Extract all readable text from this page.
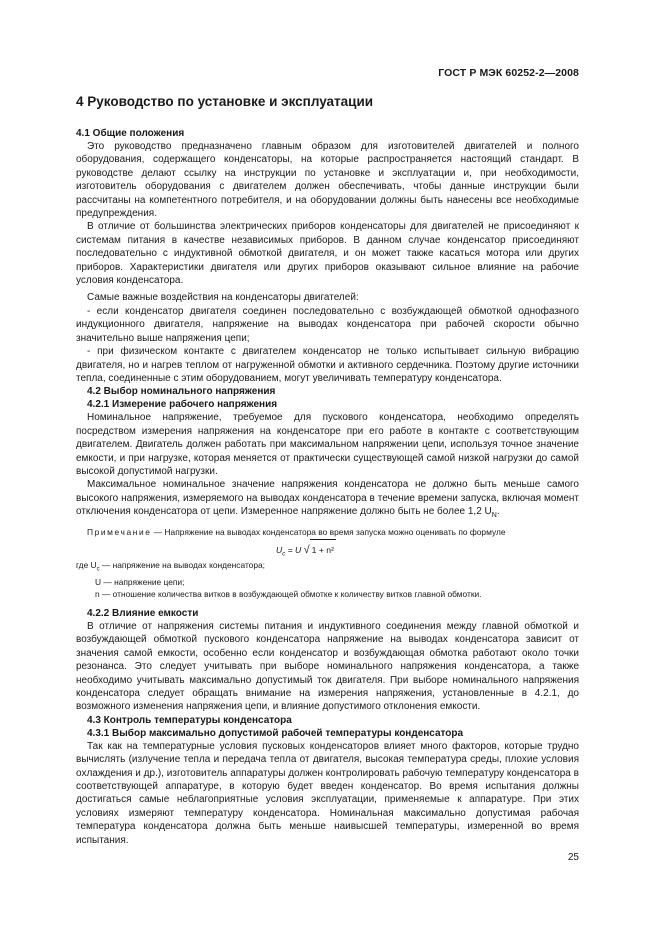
ГОСТ Р МЭК 60252-2—2008
4 Руководство по установке и эксплуатации
4.1 Общие положения

Это руководство предназначено главным образом для изготовителей двигателей и полного оборудования, содержащего конденсаторы, на которые распространяется настоящий стандарт. В руководстве делают ссылку на инструкции по установке и эксплуатации и, при необходимости, изготовитель оборудования с двигателем должен обеспечивать, чтобы данные инструкции были рассчитаны на компетентного потребителя, и на оборудовании должны быть нанесены все необходимые предупреждения.

В отличие от большинства электрических приборов конденсаторы для двигателей не присоединяют к системам питания в качестве независимых приборов. В данном случае конденсатор присоединяют последовательно с индуктивной обмоткой двигателя, и он может также касаться мотора или других приборов. Характеристики двигателя или других приборов оказывают сильное влияние на рабочие условия конденсатора.

Самые важные воздействия на конденсаторы двигателей:

- если конденсатор двигателя соединен последовательно с возбуждающей обмоткой однофазного индукционного двигателя, напряжение на выводах конденсатора при рабочей скорости обычно значительно выше напряжения цепи;

- при физическом контакте с двигателем конденсатор не только испытывает сильную вибрацию двигателя, но и нагрев теплом от нагруженной обмотки и активного сердечника. Поэтому другие источники тепла, соединенные с этим оборудованием, могут увеличивать температуру конденсатора.

4.2 Выбор номинального напряжения
4.2.1 Измерение рабочего напряжения

Номинальное напряжение, требуемое для пускового конденсатора, необходимо определять посредством измерения напряжения на конденсаторе при его работе в контакте с соответствующим двигателем. Двигатель должен работать при максимальном напряжении цепи, используя точное значение емкости, и при нагрузке, которая меняется от практически существующей самой низкой нагрузки до самой высокой допустимой нагрузки.

Максимальное номинальное значение напряжения конденсатора не должно быть меньше самого высокого напряжения, измеряемого на выводах конденсатора в течение времени запуска, включая момент отключения конденсатора от цепи. Измеренное напряжение должно быть не более 1,2 $U_N$.

Примечание — Напряжение на выводах конденсатора во время запуска можно оценивать по формуле
$U_c = U$ √ 1 + n²
где $U_c$ — напряжение на выводах конденсатора;
U — напряжение цепи;
n — отношение количества витков в возбуждающей обмотке к количеству витков главной обмотки.
4.2.2 Влияние емкости

В отличие от напряжения системы питания и индуктивного соединения между главной обмоткой и возбуждающей обмоткой пускового конденсатора напряжение на выводах конденсатора зависит от значения самой емкости, особенно если конденсатор и возбуждающая обмотка работают около точки резонанса. Это следует учитывать при выборе номинального напряжения конденсатора, а также необходимо учитывать максимально допустимый ток двигателя. При выборе номинального напряжения конденсатора следует обращать внимание на измерения напряжения, установленные в 4.2.1, до возможного изменения напряжения цепи, и влияние допустимого отклонения емкости.

4.3 Контроль температуры конденсатора
4.3.1 Выбор максимально допустимой рабочей температуры конденсатора

Так как на температурные условия пусковых конденсаторов влияет много факторов, которые трудно вычислять (излучение тепла и передача тепла от двигателя, высокая температура среды, плохие условия охлаждения и др.), изготовитель аппаратуры должен контролировать рабочую температуру конденсатора в соответствующей аппаратуре, в которую будет введен конденсатор. Во время испытания должны достигаться самые неблагоприятные условия эксплуатации, применяемые к аппаратуре. При этих условиях измеряют температуру конденсатора. Номинальная максимально допустимая рабочая температура конденсатора должна быть меньше наивысшей температуры, измеренной во время испытания.

25
